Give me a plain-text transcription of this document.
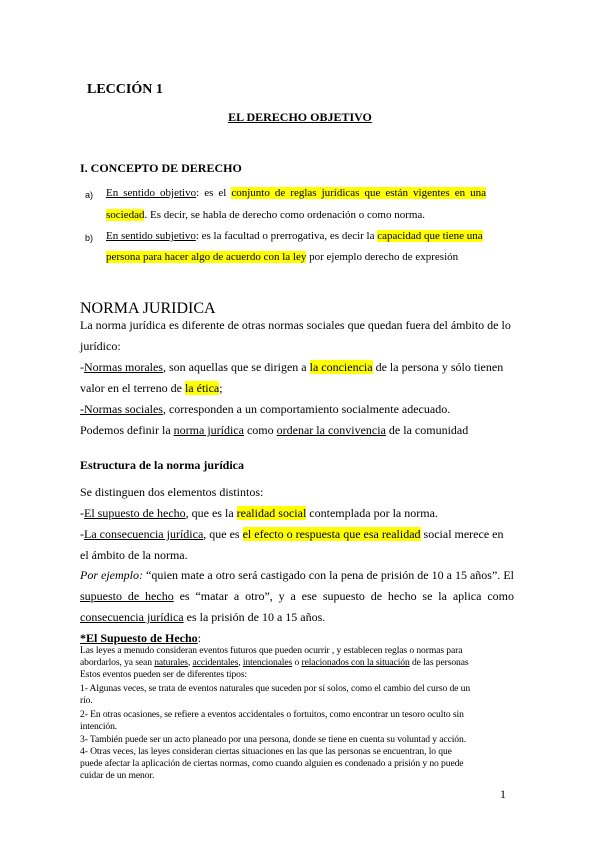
LECCIÓN 1
EL DERECHO OBJETIVO
I. CONCEPTO DE DERECHO
a) En sentido objetivo: es el conjunto de reglas jurídicas que están vigentes en una
sociedad. Es decir, se habla de derecho como ordenación o como norma.
b) En sentido subjetivo: es la facultad o prerrogativa, es decir la capacidad que tiene una
persona para hacer algo de acuerdo con la ley por ejemplo derecho de expresión
NORMA JURIDICA
La norma jurídica es diferente de otras normas sociales que quedan fuera del ámbito de lo
jurídico:
-Normas morales, son aquellas que se dirigen a la conciencia de la persona y sólo tienen
valor en el terreno de la ética;
-Normas sociales, corresponden a un comportamiento socialmente adecuado.
Podemos definir la norma jurídica como ordenar la convivencia de la comunidad
Estructura de la norma jurídica
Se distinguen dos elementos distintos:
-El supuesto de hecho, que es la realidad social contemplada por la norma.
-La consecuencia jurídica, que es el efecto o respuesta que esa realidad social merece en
el ámbito de la norma.
Por ejemplo: “quien mate a otro será castigado con la pena de prisión de 10 a 15 años”. El
supuesto de hecho es “matar a otro”, y a ese supuesto de hecho se la aplica como
consecuencia jurídica es la prisión de 10 a 15 años.
*El Supuesto de Hecho:
Las leyes a menudo consideran eventos futuros que pueden ocurrir , y establecen reglas o normas para
abordarlos, ya sean naturales, accidentales, intencionales o relacionados con la situación de las personas
Estos eventos pueden ser de diferentes tipos:
1- Algunas veces, se trata de eventos naturales que suceden por sí solos, como el cambio del curso de un
río.
2- En otras ocasiones, se refiere a eventos accidentales o fortuitos, como encontrar un tesoro oculto sin
intención.
3- También puede ser un acto planeado por una persona, donde se tiene en cuenta su voluntad y acción.
4- Otras veces, las leyes consideran ciertas situaciones en las que las personas se encuentran, lo que
puede afectar la aplicación de ciertas normas, como cuando alguien es condenado a prisión y no puede
cuidar de un menor.
1
